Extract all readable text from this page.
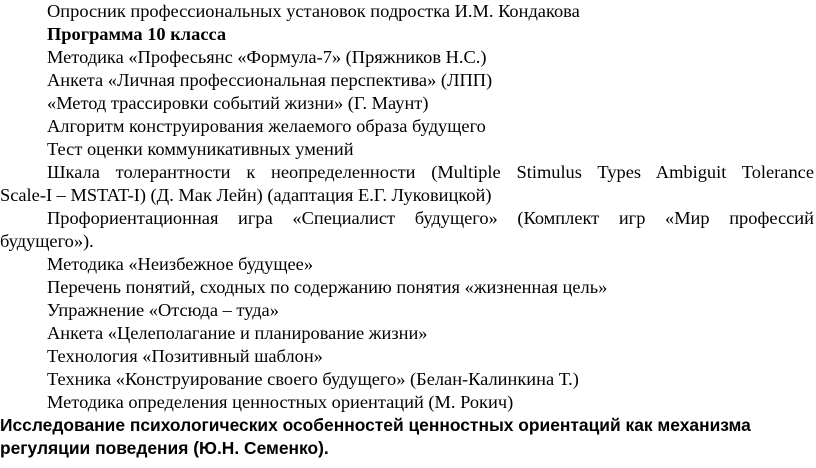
Опросник профессиональных установок подростка И.М. Кондакова
Программа 10 класса
Методика «Професьянс «Формула-7» (Пряжников Н.С.)
Анкета «Личная профессиональная перспектива» (ЛПП)
«Метод трассировки событий жизни» (Г. Маунт)
Алгоритм конструирования желаемого образа будущего
Тест оценки коммуникативных умений
Шкала толерантности к неопределенности (Multiple Stimulus Types Ambiguit Tolerance
Scale-I – MSTAT-I) (Д. Мак Лейн) (адаптация Е.Г. Луковицкой)
Профориентационная игра «Специалист будущего» (Комплект игр «Мир профессий
будущего»).
Методика «Неизбежное будущее»
Перечень понятий, сходных по содержанию понятия «жизненная цель»
Упражнение «Отсюда – туда»
Анкета «Целеполагание и планирование жизни»
Технология «Позитивный шаблон»
Техника «Конструирование своего будущего» (Белан-Калинкина Т.)
Методика определения ценностных ориентаций (М. Рокич)
Исследование психологических особенностей ценностных ориентаций как механизма
регуляции поведения (Ю.Н. Семенко).
